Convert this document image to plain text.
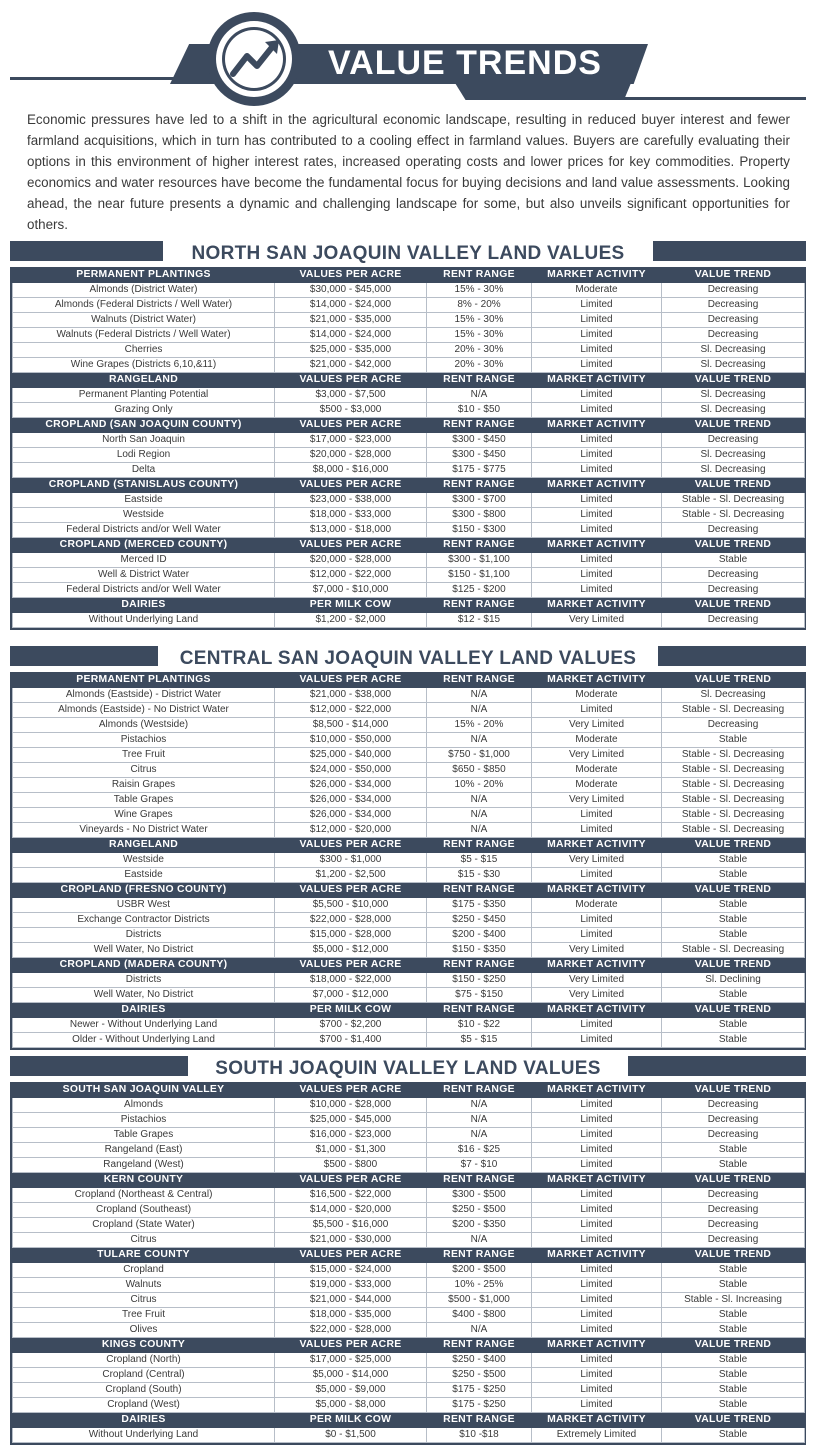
VALUE TRENDS

Economic pressures have led to a shift in the agricultural economic landscape, resulting in reduced buyer interest and fewer farmland acquisitions, which in turn has contributed to a cooling effect in farmland values. Buyers are carefully evaluating their options in this environment of higher interest rates, increased operating costs and lower prices for key commodities. Property economics and water resources have become the fundamental focus for buying decisions and land value assessments. Looking ahead, the near future presents a dynamic and challenging landscape for some, but also unveils significant opportunities for others.

NORTH SAN JOAQUIN VALLEY LAND VALUES
PERMANENT PLANTINGS	VALUES PER ACRE	RENT RANGE	MARKET ACTIVITY	VALUE TREND
Almonds (District Water)	$30,000 - $45,000	15% - 30%	Moderate	Decreasing
Almonds (Federal Districts / Well Water)	$14,000 - $24,000	8% - 20%	Limited	Decreasing
Walnuts (District Water)	$21,000 - $35,000	15% - 30%	Limited	Decreasing
Walnuts (Federal Districts / Well Water)	$14,000 - $24,000	15% - 30%	Limited	Decreasing
Cherries	$25,000 - $35,000	20% - 30%	Limited	Sl. Decreasing
Wine Grapes (Districts 6,10,&11)	$21,000 - $42,000	20% - 30%	Limited	Sl. Decreasing
RANGELAND	VALUES PER ACRE	RENT RANGE	MARKET ACTIVITY	VALUE TREND
Permanent Planting Potential	$3,000 - $7,500	N/A	Limited	Sl. Decreasing
Grazing Only	$500 - $3,000	$10 - $50	Limited	Sl. Decreasing
CROPLAND (SAN JOAQUIN COUNTY)	VALUES PER ACRE	RENT RANGE	MARKET ACTIVITY	VALUE TREND
North San Joaquin	$17,000 - $23,000	$300 - $450	Limited	Decreasing
Lodi Region	$20,000 - $28,000	$300 - $450	Limited	Sl. Decreasing
Delta	$8,000 - $16,000	$175 - $775	Limited	Sl. Decreasing
CROPLAND (STANISLAUS COUNTY)	VALUES PER ACRE	RENT RANGE	MARKET ACTIVITY	VALUE TREND
Eastside	$23,000 - $38,000	$300 - $700	Limited	Stable - Sl. Decreasing
Westside	$18,000 - $33,000	$300 - $800	Limited	Stable - Sl. Decreasing
Federal Districts and/or Well Water	$13,000 - $18,000	$150 - $300	Limited	Decreasing
CROPLAND (MERCED COUNTY)	VALUES PER ACRE	RENT RANGE	MARKET ACTIVITY	VALUE TREND
Merced ID	$20,000 - $28,000	$300 - $1,100	Limited	Stable
Well & District Water	$12,000 - $22,000	$150 - $1,100	Limited	Decreasing
Federal Districts and/or Well Water	$7,000 - $10,000	$125 - $200	Limited	Decreasing
DAIRIES	PER MILK COW	RENT RANGE	MARKET ACTIVITY	VALUE TREND
Without Underlying Land	$1,200 - $2,000	$12 - $15	Very Limited	Decreasing
CENTRAL SAN JOAQUIN VALLEY LAND VALUES
PERMANENT PLANTINGS	VALUES PER ACRE	RENT RANGE	MARKET ACTIVITY	VALUE TREND
Almonds (Eastside) - District Water	$21,000 - $38,000	N/A	Moderate	Sl. Decreasing
Almonds (Eastside) - No District Water	$12,000 - $22,000	N/A	Limited	Stable - Sl. Decreasing
Almonds (Westside)	$8,500 - $14,000	15% - 20%	Very Limited	Decreasing
Pistachios	$10,000 - $50,000	N/A	Moderate	Stable
Tree Fruit	$25,000 - $40,000	$750 - $1,000	Very Limited	Stable - Sl. Decreasing
Citrus	$24,000 - $50,000	$650 - $850	Moderate	Stable - Sl. Decreasing
Raisin Grapes	$26,000 - $34,000	10% - 20%	Moderate	Stable - Sl. Decreasing
Table Grapes	$26,000 - $34,000	N/A	Very Limited	Stable - Sl. Decreasing
Wine Grapes	$26,000 - $34,000	N/A	Limited	Stable - Sl. Decreasing
Vineyards - No District Water	$12,000 - $20,000	N/A	Limited	Stable - Sl. Decreasing
RANGELAND	VALUES PER ACRE	RENT RANGE	MARKET ACTIVITY	VALUE TREND
Westside	$300 - $1,000	$5 - $15	Very Limited	Stable
Eastside	$1,200 - $2,500	$15 - $30	Limited	Stable
CROPLAND (FRESNO COUNTY)	VALUES PER ACRE	RENT RANGE	MARKET ACTIVITY	VALUE TREND
USBR West	$5,500 - $10,000	$175 - $350	Moderate	Stable
Exchange Contractor Districts	$22,000 - $28,000	$250 - $450	Limited	Stable
Districts	$15,000 - $28,000	$200 - $400	Limited	Stable
Well Water, No District	$5,000 - $12,000	$150 - $350	Very Limited	Stable - Sl. Decreasing
CROPLAND (MADERA COUNTY)	VALUES PER ACRE	RENT RANGE	MARKET ACTIVITY	VALUE TREND
Districts	$18,000 - $22,000	$150 - $250	Very Limited	Sl. Declining
Well Water, No District	$7,000 - $12,000	$75 - $150	Very Limited	Stable
DAIRIES	PER MILK COW	RENT RANGE	MARKET ACTIVITY	VALUE TREND
Newer - Without Underlying Land	$700 - $2,200	$10 - $22	Limited	Stable
Older - Without Underlying Land	$700 - $1,400	$5 - $15	Limited	Stable
SOUTH JOAQUIN VALLEY LAND VALUES
SOUTH SAN JOAQUIN VALLEY	VALUES PER ACRE	RENT RANGE	MARKET ACTIVITY	VALUE TREND
Almonds	$10,000 - $28,000	N/A	Limited	Decreasing
Pistachios	$25,000 - $45,000	N/A	Limited	Decreasing
Table Grapes	$16,000 - $23,000	N/A	Limited	Decreasing
Rangeland (East)	$1,000 - $1,300	$16 - $25	Limited	Stable
Rangeland (West)	$500 - $800	$7 - $10	Limited	Stable
KERN COUNTY	VALUES PER ACRE	RENT RANGE	MARKET ACTIVITY	VALUE TREND
Cropland (Northeast & Central)	$16,500 - $22,000	$300 - $500	Limited	Decreasing
Cropland (Southeast)	$14,000 - $20,000	$250 - $500	Limited	Decreasing
Cropland (State Water)	$5,500 - $16,000	$200 - $350	Limited	Decreasing
Citrus	$21,000 - $30,000	N/A	Limited	Decreasing
TULARE COUNTY	VALUES PER ACRE	RENT RANGE	MARKET ACTIVITY	VALUE TREND
Cropland	$15,000 - $24,000	$200 - $500	Limited	Stable
Walnuts	$19,000 - $33,000	10% - 25%	Limited	Stable
Citrus	$21,000 - $44,000	$500 - $1,000	Limited	Stable - Sl. Increasing
Tree Fruit	$18,000 - $35,000	$400 - $800	Limited	Stable
Olives	$22,000 - $28,000	N/A	Limited	Stable
KINGS COUNTY	VALUES PER ACRE	RENT RANGE	MARKET ACTIVITY	VALUE TREND
Cropland (North)	$17,000 - $25,000	$250 - $400	Limited	Stable
Cropland (Central)	$5,000 - $14,000	$250 - $500	Limited	Stable
Cropland (South)	$5,000 - $9,000	$175 - $250	Limited	Stable
Cropland (West)	$5,000 - $8,000	$175 - $250	Limited	Stable
DAIRIES	PER MILK COW	RENT RANGE	MARKET ACTIVITY	VALUE TREND
Without Underlying Land	$0 - $1,500	$10 -$18	Extremely Limited	Stable
